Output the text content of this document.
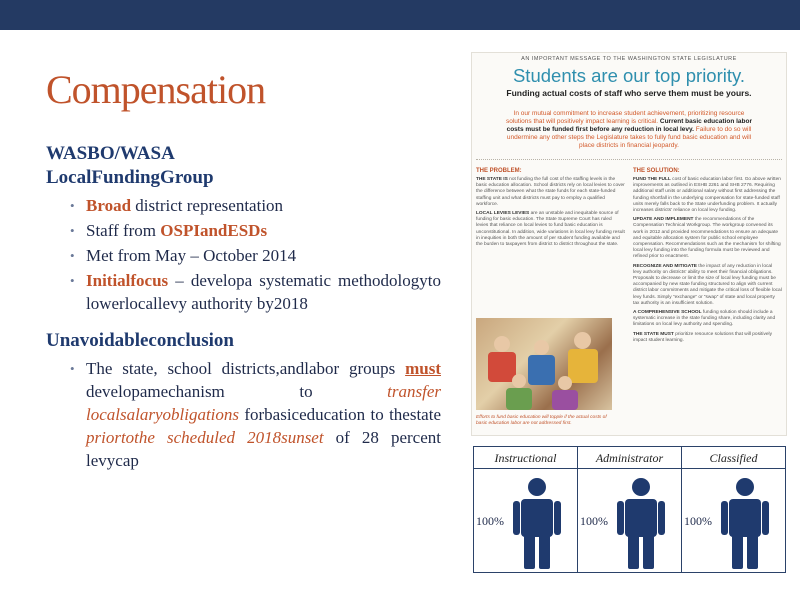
Compensation
WASBO/WASA
LocalFundingGroup
• Broad district representation
• Staff from OSPIandESDs
• Met from May – October 2014
• Initialfocus – developa systematic methodologyto lowerlocallevy authority by2018
Unavoidableconclusion
• The state, school districts,andlabor groups must developamechanism to transfer localsalaryobligations forbasiceducation to thestate priortothe scheduled 2018sunset of 28 percent levycap
AN IMPORTANT MESSAGE TO THE WASHINGTON STATE LEGISLATURE
Students are our top priority.
Funding actual costs of staff who serve them must be yours.
In our mutual commitment to increase student achievement, prioritizing resource solutions that will positively impact learning is critical. Current basic education labor costs must be funded first before any reduction in local levy. Failure to do so will undermine any other steps the Legislature takes to fully fund basic education and will place districts in financial jeopardy.
THE PROBLEM:
THE STATE IS not funding the full cost of the staffing levels in the basic education allocation. School districts rely on local levies to cover the difference between what the state funds for each state-funded staffing unit and what districts must pay to employ a qualified workforce.
LOCAL LEVIES LEVIES are an unstable and inequitable source of funding for basic education. The State Supreme Court has ruled levies that reliance on local levies to fund basic education is unconstitutional. In addition, wide variations in local levy funding result in inequities in both the amount of per student funding available and the burden to taxpayers from district to district throughout the state.
Efforts to fund basic education will topple if the actual costs of basic education labor are not addressed first.
THE SOLUTION:
FUND THE FULL cost of basic education labor first. Go above written improvements as outlined in ESHB 2261 and SHB 2776. Requiring additional staff units or additional salary without first addressing the funding shortfall in the underlying compensation for state-funded staff units merely falls back to the State underfunding problem. It actually increases districts' reliance on local levy funding.
UPDATE AND IMPLEMENT the recommendations of the Compensation Technical Workgroup. The workgroup convened its work in 2012 and provided recommendations to ensure an adequate and equitable allocation system for public school employee compensation. Recommendations such as the mechanism for shifting local levy funding into the funding formula must be reviewed and refined prior to enactment.
RECOGNIZE AND MITIGATE the impact of any reduction in local levy authority on districts' ability to meet their financial obligations. Proposals to decrease or limit the size of local levy funding must be accompanied by new state funding structured to align with current district labor commitments and mitigate the critical loss of flexible local levy funds. Simply “exchange” or “swap” of state and local property tax authority is an insufficient solution.
A COMPREHENSIVE SCHOOL funding solution should include a systematic increase in the state funding share, including clarity and limitations on local levy authority and spending.
THE STATE MUST prioritize resource solutions that will positively impact student learning.
Instructional
100%
Administrator
100%
Classified
100%
